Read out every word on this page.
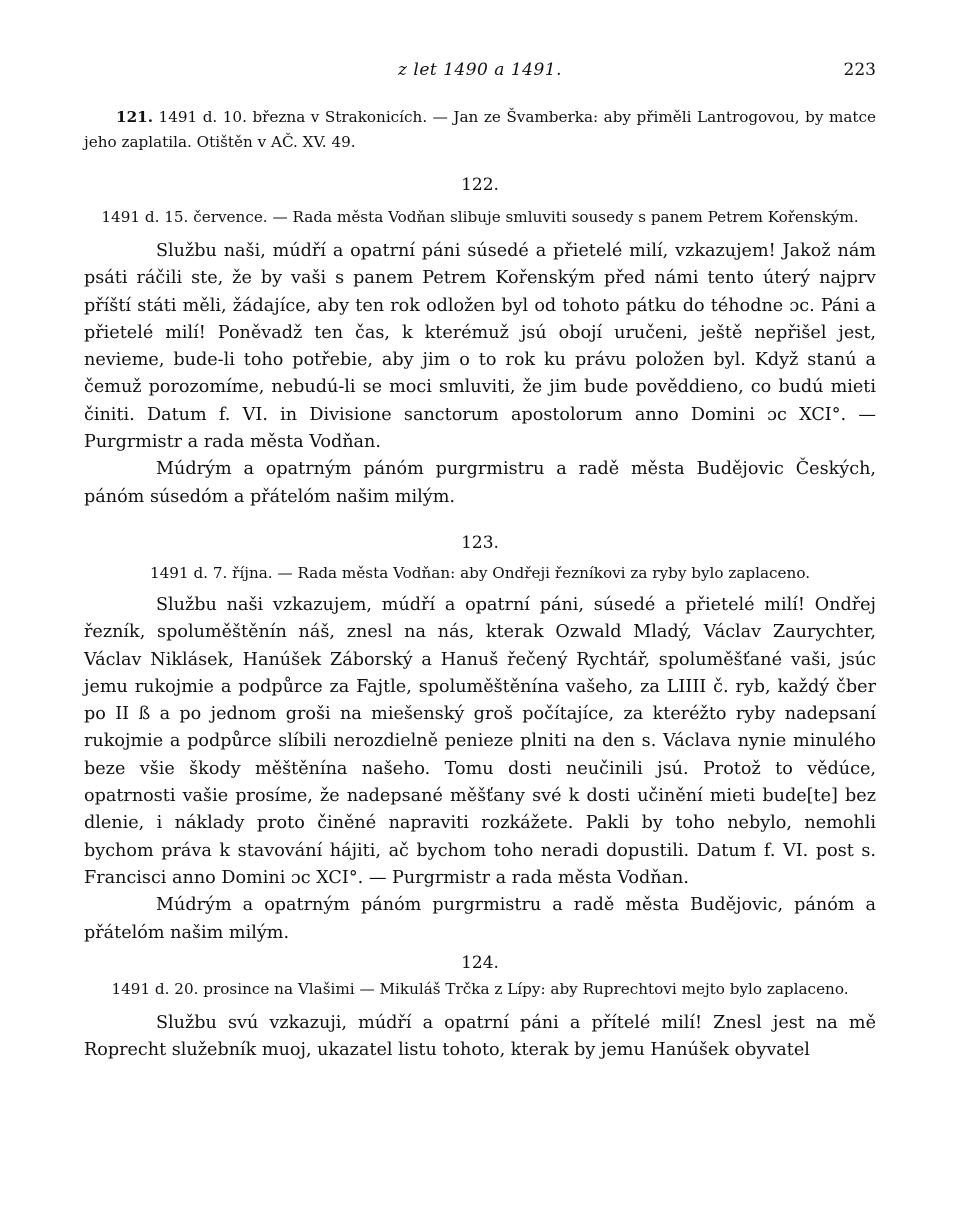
z let 1490 a 1491.	223

121. 1491 d. 10. března v Strakonicích. — Jan ze Švamberka: aby přiměli Lantrogovou, by matce jeho zaplatila. Otištěn v AČ. XV. 49.

122.

1491 d. 15. července. — Rada města Vodňan slibuje smluviti sousedy s panem Petrem Kořenským.

Službu naši, múdří a opatrní páni súsedé a přietelé milí, vzkazujem! Jakož nám psáti ráčili ste, že by vaši s panem Petrem Kořenským před námi tento úterý najprv příští státi měli, žádajíce, aby ten rok odložen byl od tohoto pátku do téhodne ɔc. Páni a přietelé milí! Poněvadž ten čas, k kterémuž jsú obojí uručeni, ještě nepřišel jest, nevieme, bude-li toho potřebie, aby jim o to rok ku právu položen byl. Když stanú a čemuž porozomíme, nebudú-li se moci smluviti, že jim bude pověddieno, co budú mieti činiti. Datum f. VI. in Divisione sanctorum apostolorum anno Domini ɔc XCI°. — Purgrmistr a rada města Vodňan.

Múdrým a opatrným pánóm purgrmistru a radě města Budějovic Českých, pánóm súsedóm a přátelóm našim milým.

123.

1491 d. 7. října. — Rada města Vodňan: aby Ondřeji řezníkovi za ryby bylo zaplaceno.

Službu naši vzkazujem, múdří a opatrní páni, súsedé a přietelé milí! Ondřej řezník, spoluměštěnín náš, znesl na nás, kterak Ozwald Mladý, Václav Zaurychter, Václav Niklásek, Hanúšek Záborský a Hanuš řečený Rychtář, spoluměšťané vaši, jsúc jemu rukojmie a podpůrce za Fajtle, spoluměštěnína vašeho, za LIIII č. ryb, každý čber po II ß a po jednom groši na miešenský groš počítajíce, za kteréžto ryby nadepsaní rukojmie a podpůrce slíbili nerozdielně penieze plniti na den s. Václava nynie minulého beze všie škody měštěnína našeho. Tomu dosti neučinili jsú. Protož to vědúce, opatrnosti vašie prosíme, že nadepsané měšťany své k dosti učinění mieti bude[te] bez dlenie, i náklady proto činěné napraviti rozkážete. Pakli by toho nebylo, nemohli bychom práva k stavování hájiti, ač bychom toho neradi dopustili. Datum f. VI. post s. Francisci anno Domini ɔc XCI°. — Purgrmistr a rada města Vodňan.

Múdrým a opatrným pánóm purgrmistru a radě města Budějovic, pánóm a přátelóm našim milým.

124.

1491 d. 20. prosince na Vlašimi — Mikuláš Trčka z Lípy: aby Ruprechtovi mejto bylo zaplaceno.

Službu svú vzkazuji, múdří a opatrní páni a přítelé milí! Znesl jest na mě Roprecht služebník muoj, ukazatel listu tohoto, kterak by jemu Hanúšek obyvatel
